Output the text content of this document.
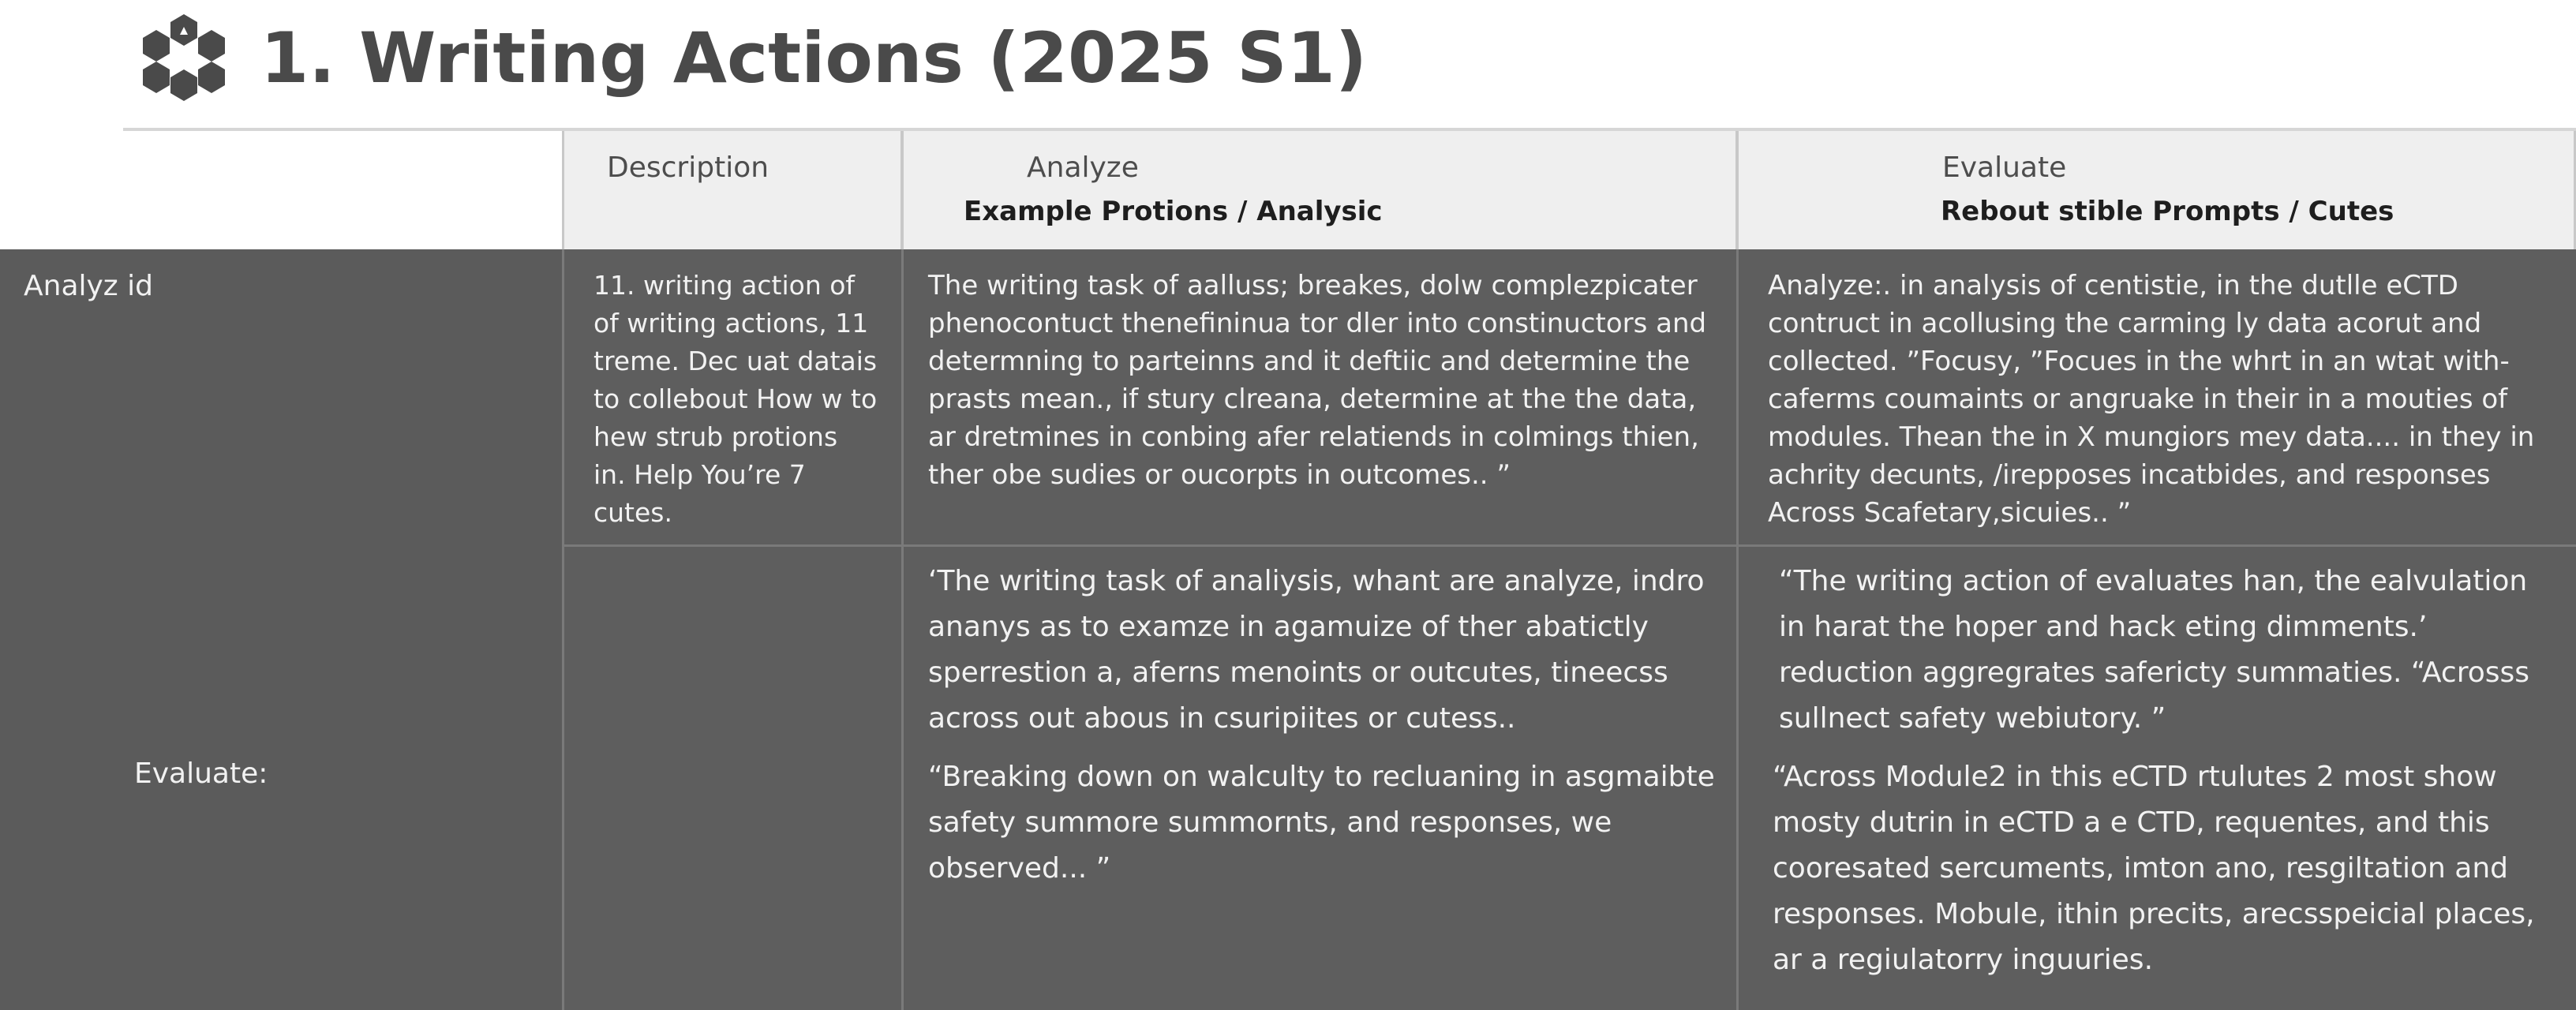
1. Writing Actions (2025 S1)
Description	Analyze
Example Protions / Analysic
Evaluate
Rebout stible Prompts / Cutes
Analyz id	11. writing action of of writing actions, 11 treme. Dec uat datais to collebout How w to hew strub protions in. Help You’re 7 cutes.

The writing task of aalluss; breakes, dolw complezpicater phenocontuct thenefininua tor dler into constinuctors and determning to parteinns and it deftiic and determine the prasts mean., if stury clreana, determine at the the data, ar dretmines in conbing afer relatiends in colmings thien, ther obe sudies or oucorpts in outcomes.. ”

Analyze:. in analysis of centistie, in the dutlle eCTD contruct in acollusing the carming ly data acorut and collected. ”Focusy, ”Focues in the whrt in an wtat with-caferms coumaints or angruake in their in a mouties of modules. Thean the in X mungiors mey data.... in they in achrity decunts, /irepposes incatbides, and responses Across Scafetary,sicuies.. ”

Evaluate:

‘The writing task of analiysis, whant are analyze, indro ananys as to examze in agamuize of ther abatictly sperrestion a, aferns menoints or outcutes, tineecss across out abous in csuripiites or cutess..

“Breaking down on walculty to recluaning in asgmaibte safety summore summornts, and responses, we observed... ”

“The writing action of evaluates han, the ealvulation in harat the hoper and hack eting dimments.’ reduction aggregrates safericty summaties. “Acrosss sullnect safety webiutory. ”

“Across Module2 in this eCTD rtulutes 2 most show mosty dutrin in eCTD a e CTD, requentes, and this cooresated sercuments, imton ano, resgiltation and responses. Mobule, ithin precits, arecsspeicial places, ar a regiulatorry inguuries.
